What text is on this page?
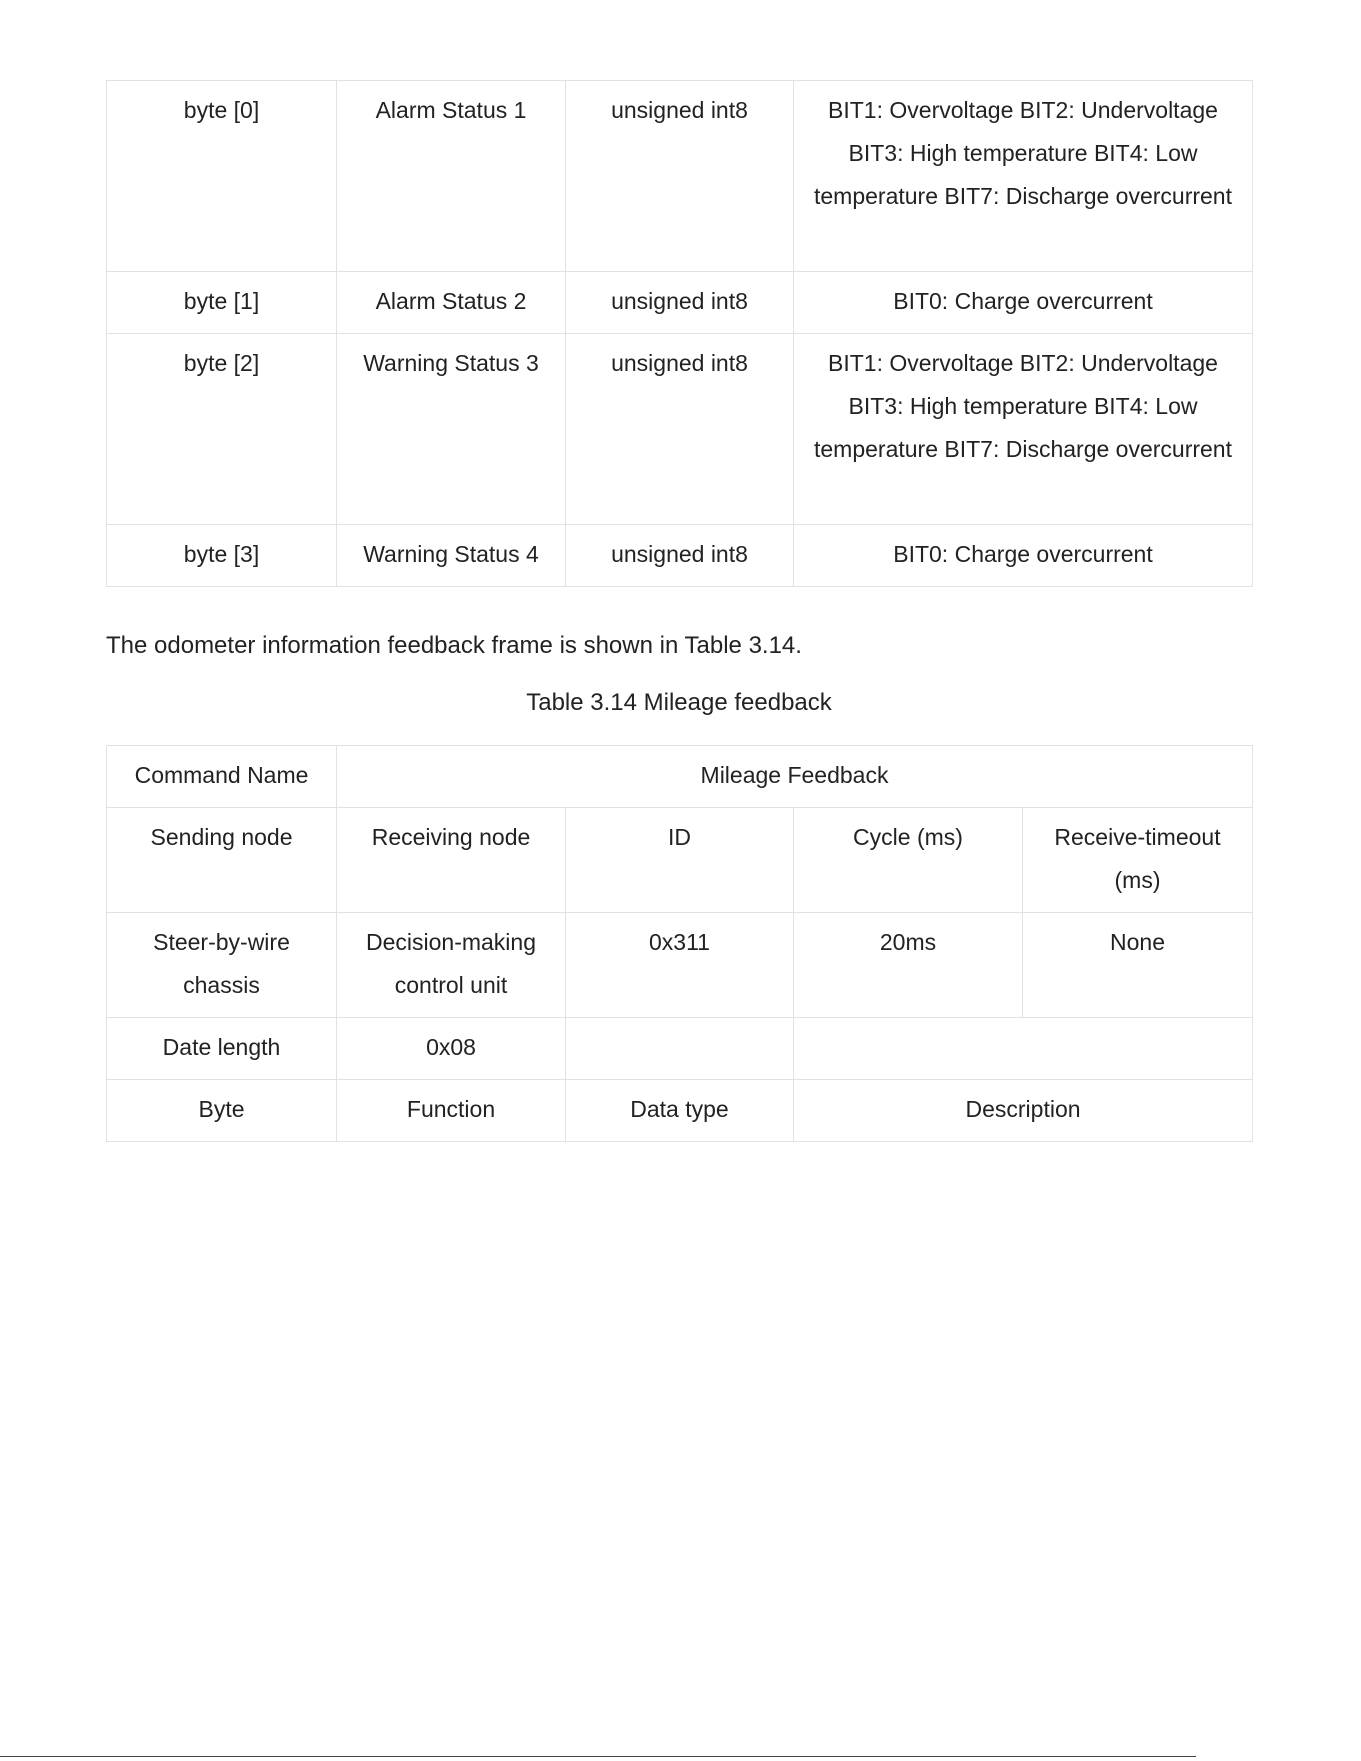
byte [0]	Alarm Status 1	unsigned int8	BIT1: Overvoltage BIT2: Undervoltage BIT3: High temperature BIT4: Low temperature BIT7: Discharge overcurrent
byte [1]	Alarm Status 2	unsigned int8	BIT0: Charge overcurrent
byte [2]	Warning Status 3	unsigned int8	BIT1: Overvoltage BIT2: Undervoltage BIT3: High temperature BIT4: Low temperature BIT7: Discharge overcurrent
byte [3]	Warning Status 4	unsigned int8	BIT0: Charge overcurrent

The odometer information feedback frame is shown in Table 3.14.

Table 3.14 Mileage feedback

Command Name	Mileage Feedback			
Sending node	Receiving node	ID	Cycle (ms)	Receive-timeout (ms)
Steer-by-wire chassis	Decision-making control unit	0x311	20ms	None
Date length	0x08			
Byte	Function	Data type	Description	
